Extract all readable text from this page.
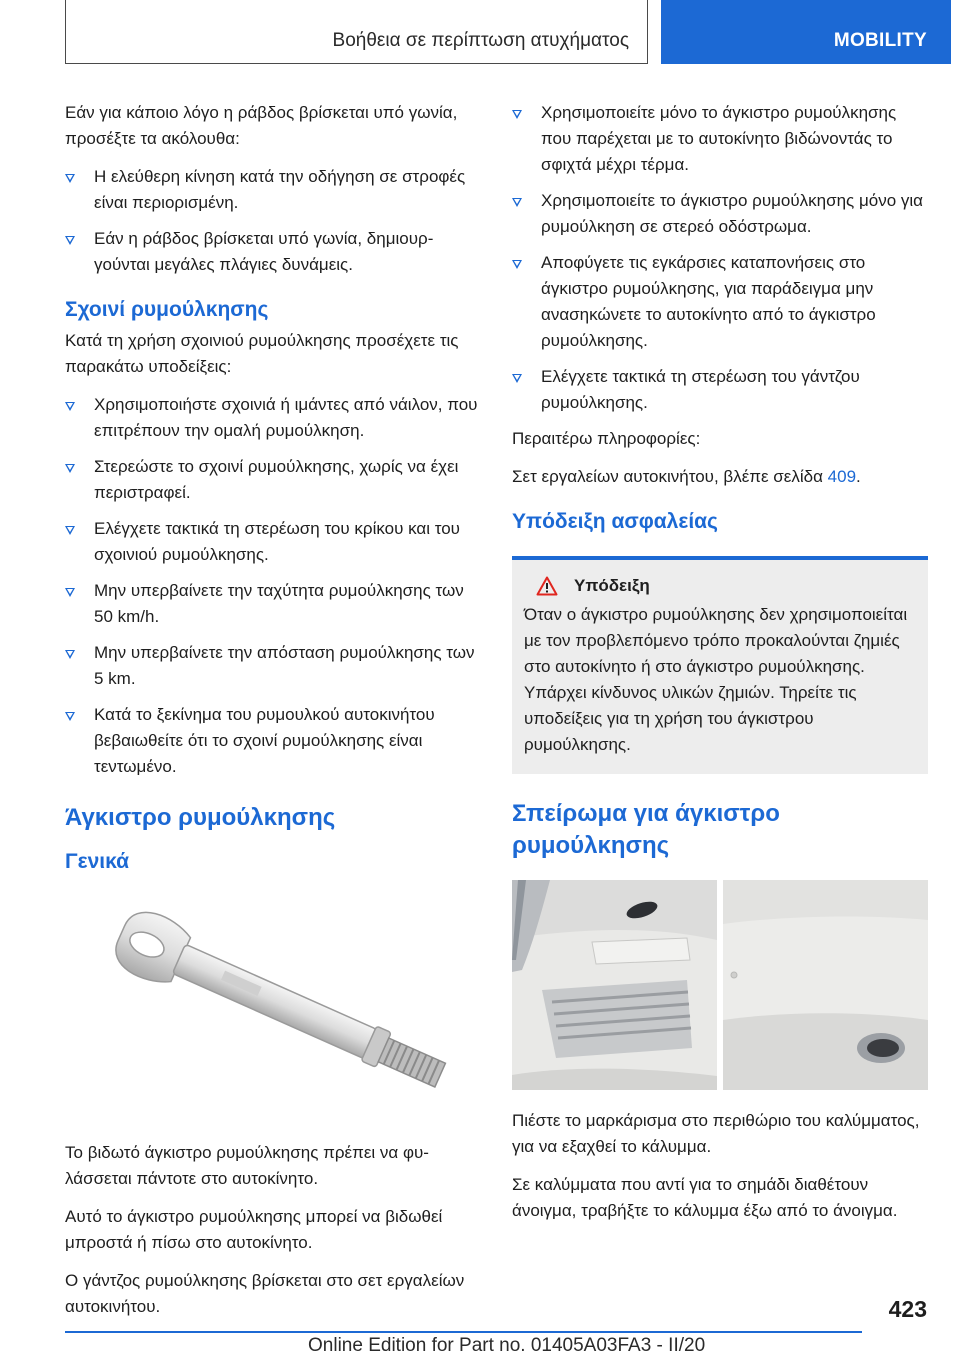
Βοήθεια σε περίπτωση ατυχήματος	MOBILITY

Εάν για κάποιο λόγο η ράβδος βρίσκεται υπό γωνία, προσέξτε τα ακόλουθα:

Η ελεύθερη κίνηση κατά την οδήγηση σε στροφές είναι περιορισμένη.
Εάν η ράβδος βρίσκεται υπό γωνία, δημιουργούνται μεγάλες πλάγιες δυνάμεις.
Σχοινί ρυμούλκησης

Κατά τη χρήση σχοινιού ρυμούλκησης προσέχετε τις παρακάτω υποδείξεις:

Χρησιμοποιήστε σχοινιά ή ιμάντες από νάιλον, που επιτρέπουν την ομαλή ρυμούλκηση.
Στερεώστε το σχοινί ρυμούλκησης, χωρίς να έχει περιστραφεί.
Ελέγχετε τακτικά τη στερέωση του κρίκου και του σχοινιού ρυμούλκησης.
Μην υπερβαίνετε την ταχύτητα ρυμούλκησης των 50 km/h.
Μην υπερβαίνετε την απόσταση ρυμούλκησης των 5 km.
Κατά το ξεκίνημα του ρυμουλκού αυτοκινήτου βεβαιωθείτε ότι το σχοινί ρυμούλκησης είναι τεντωμένο.
Άγκιστρο ρυμούλκησης
Γενικά

Το βιδωτό άγκιστρο ρυμούλκησης πρέπει να φυλάσσεται πάντοτε στο αυτοκίνητο.

Αυτό το άγκιστρο ρυμούλκησης μπορεί να βιδωθεί μπροστά ή πίσω στο αυτοκίνητο.

Ο γάντζος ρυμούλκησης βρίσκεται στο σετ εργαλείων αυτοκινήτου.

Χρησιμοποιείτε μόνο το άγκιστρο ρυμούλκησης που παρέχεται με το αυτοκίνητο βιδώνοντάς το σφιχτά μέχρι τέρμα.
Χρησιμοποιείτε το άγκιστρο ρυμούλκησης μόνο για ρυμούλκηση σε στερεό οδόστρωμα.
Αποφύγετε τις εγκάρσιες καταπονήσεις στο άγκιστρο ρυμούλκησης, για παράδειγμα μην ανασηκώνετε το αυτοκίνητο από το άγκιστρο ρυμούλκησης.
Ελέγχετε τακτικά τη στερέωση του γάντζου ρυμούλκησης.

Περαιτέρω πληροφορίες:

Σετ εργαλείων αυτοκινήτου, βλέπε σελίδα 409.

Υπόδειξη ασφαλείας
Υπόδειξη

Όταν ο άγκιστρο ρυμούλκησης δεν χρησιμοποιείται με τον προβλεπόμενο τρόπο προκαλούνται ζημιές στο αυτοκίνητο ή στο άγκιστρο ρυμούλκησης. Υπάρχει κίνδυνος υλικών ζημιών. Τηρείτε τις υποδείξεις για τη χρήση του άγκιστρου ρυμούλκησης.

Σπείρωμα για άγκιστρο ρυμούλκησης

Πιέστε το μαρκάρισμα στο περιθώριο του καλύμματος, για να εξαχθεί το κάλυμμα.

Σε καλύμματα που αντί για το σημάδι διαθέτουν άνοιγμα, τραβήξτε το κάλυμμα έξω από το άνοιγμα.

423
Online Edition for Part no. 01405A03FA3 - II/20
